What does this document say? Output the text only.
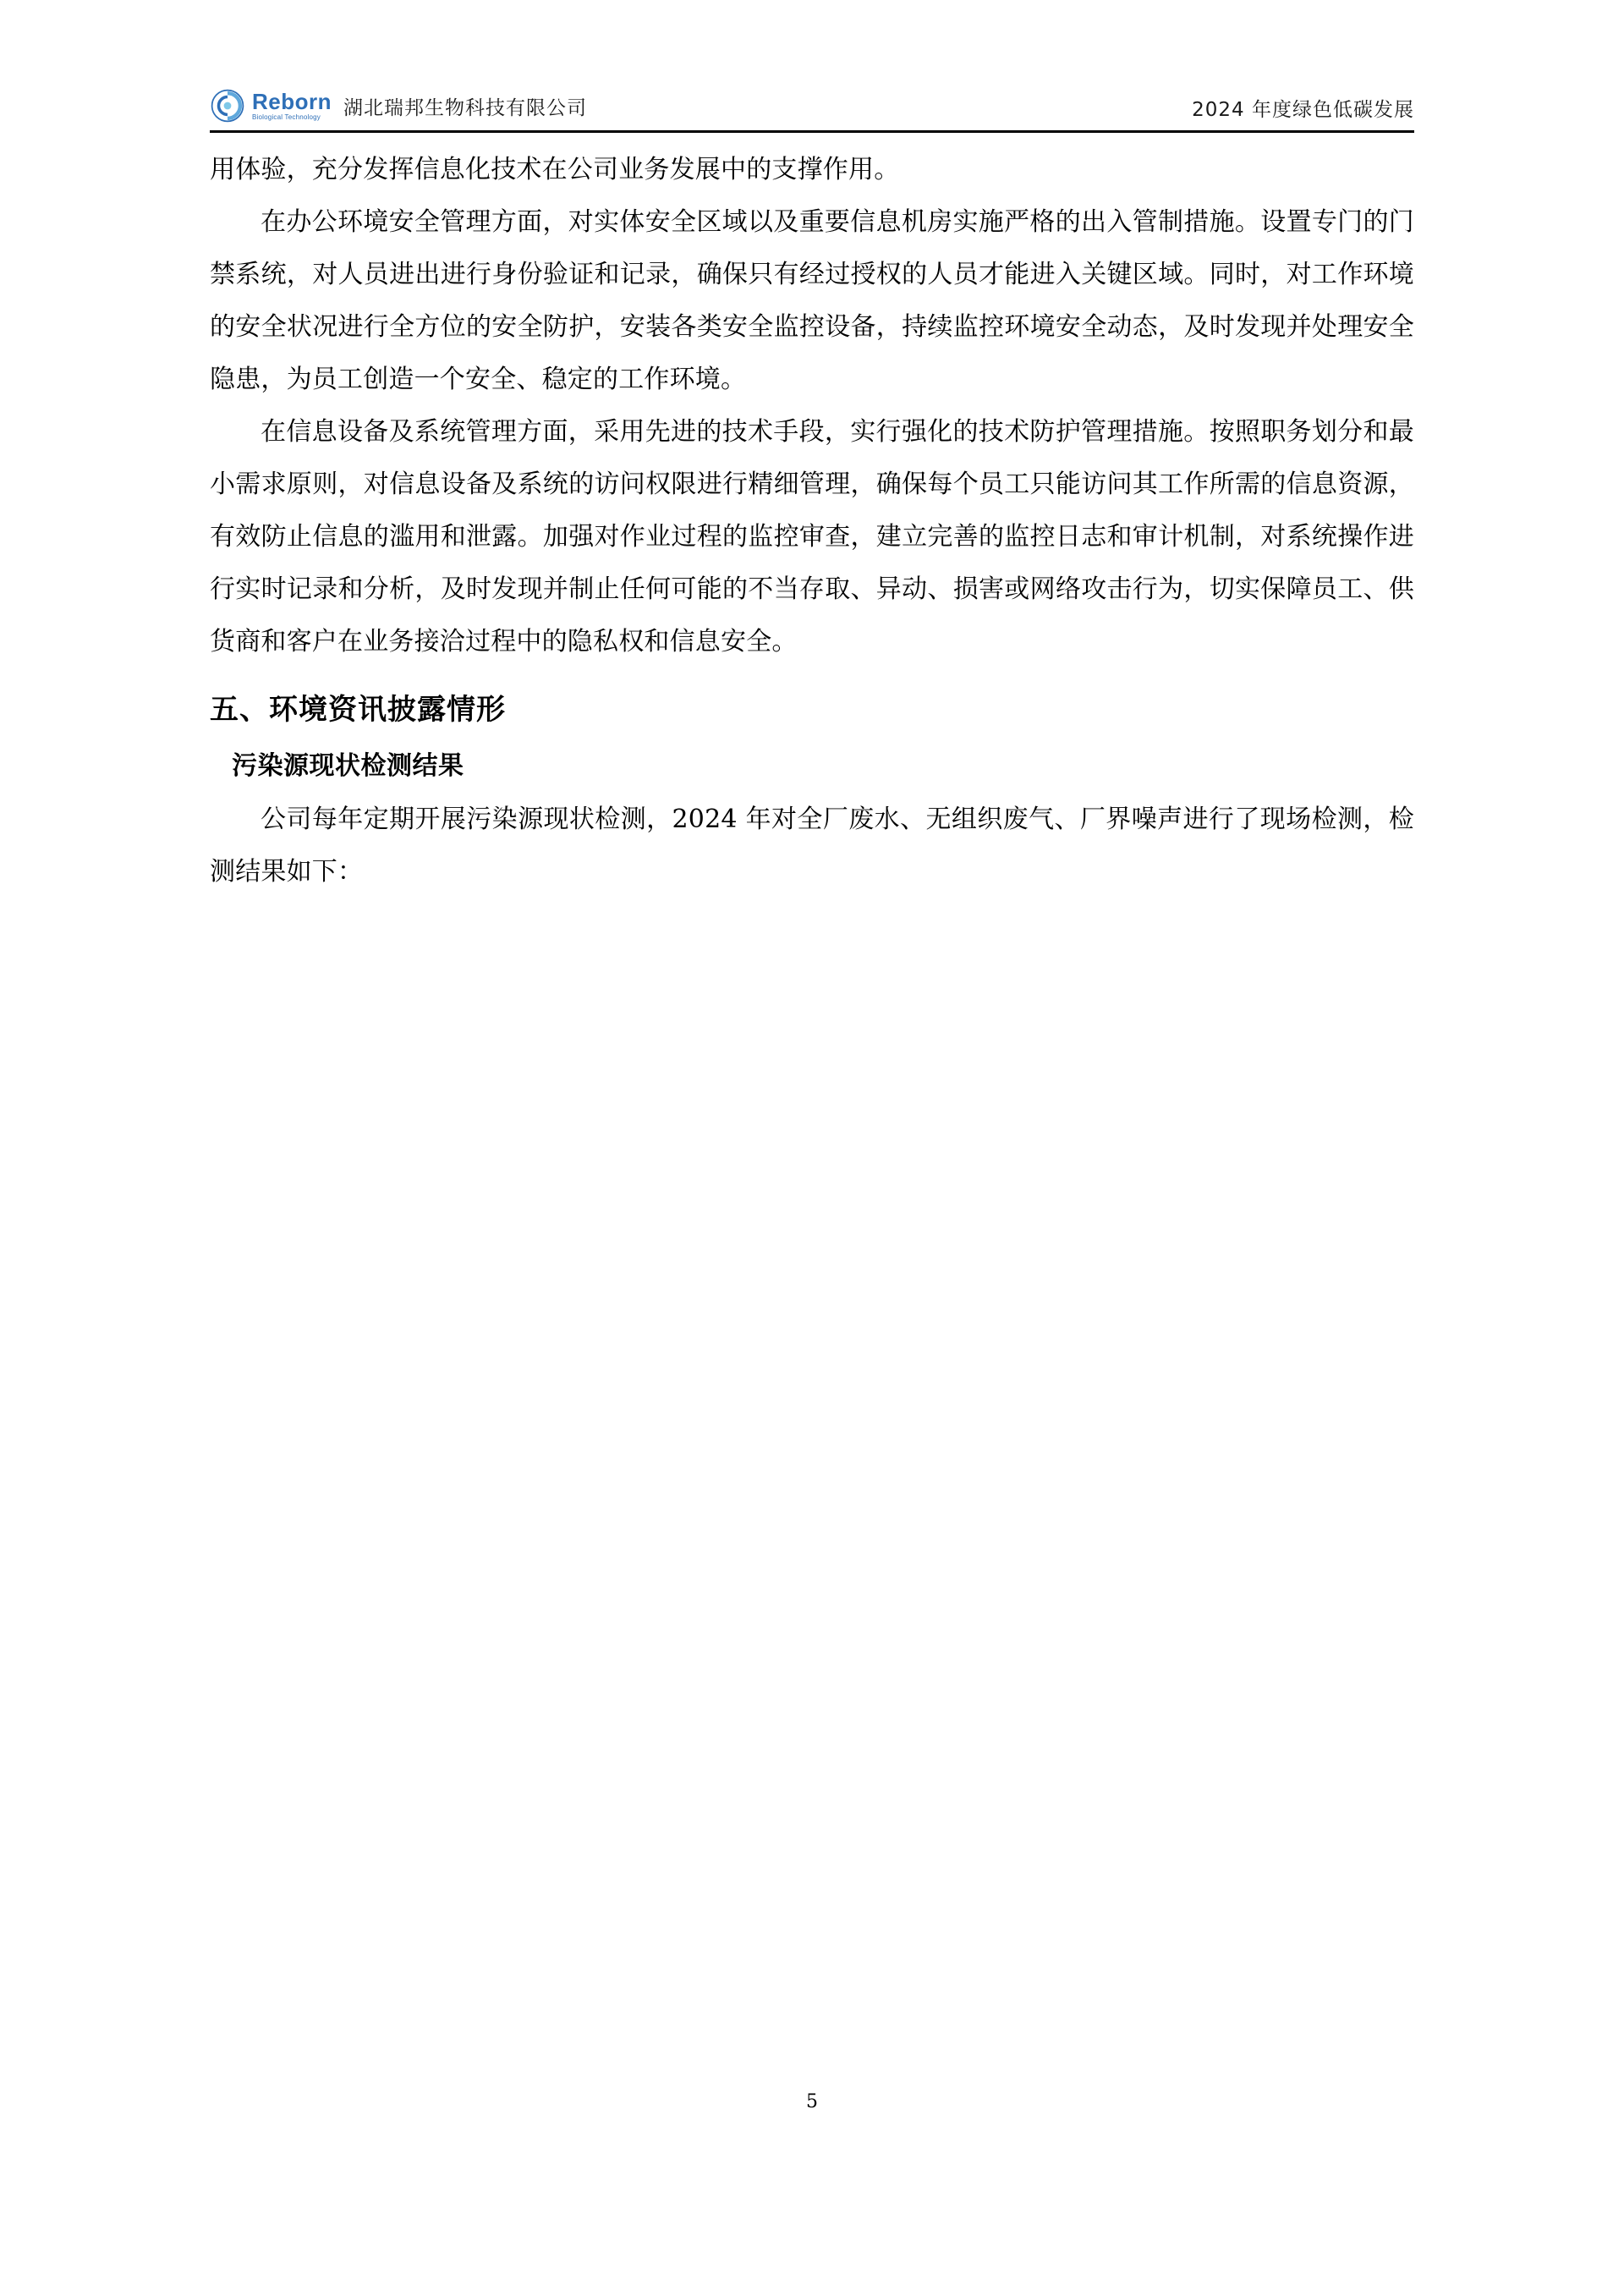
Reborn
Biological Technology	湖北瑞邦生物科技有限公司	2024 年度绿色低碳发展

用体验，充分发挥信息化技术在公司业务发展中的支撑作用。

在办公环境安全管理方面，对实体安全区域以及重要信息机房实施严格的出入管制措施。设置专门的门禁系统，对人员进出进行身份验证和记录，确保只有经过授权的人员才能进入关键区域。同时，对工作环境的安全状况进行全方位的安全防护，安装各类安全监控设备，持续监控环境安全动态，及时发现并处理安全隐患，为员工创造一个安全、稳定的工作环境。

在信息设备及系统管理方面，采用先进的技术手段，实行强化的技术防护管理措施。按照职务划分和最小需求原则，对信息设备及系统的访问权限进行精细管理，确保每个员工只能访问其工作所需的信息资源，有效防止信息的滥用和泄露。加强对作业过程的监控审查，建立完善的监控日志和审计机制，对系统操作进行实时记录和分析，及时发现并制止任何可能的不当存取、异动、损害或网络攻击行为，切实保障员工、供货商和客户在业务接洽过程中的隐私权和信息安全。

五、环境资讯披露情形
污染源现状检测结果

公司每年定期开展污染源现状检测，2024 年对全厂废水、无组织废气、厂界噪声进行了现场检测，检测结果如下：

5
